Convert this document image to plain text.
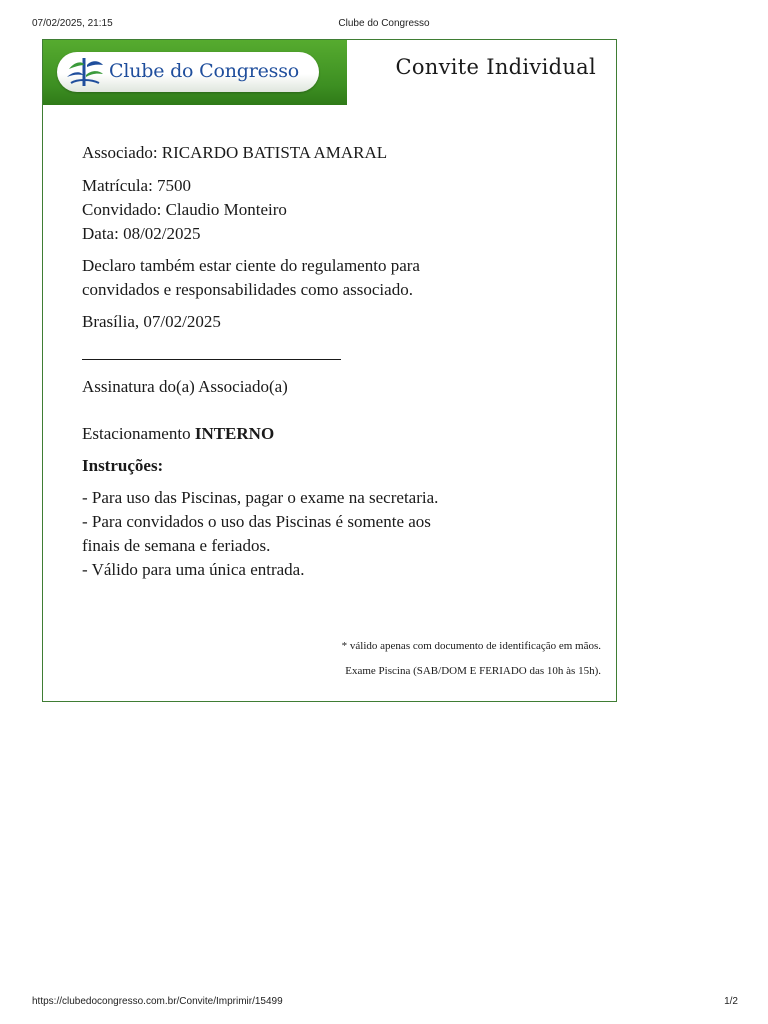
07/02/2025, 21:15	Clube do Congresso
Clube do Congresso	Convite Individual
Associado: RICARDO BATISTA AMARAL
Matrícula: 7500
Convidado: Claudio Monteiro
Data: 08/02/2025
Declaro também estar ciente do regulamento para
convidados e responsabilidades como associado.
Brasília, 07/02/2025
Assinatura do(a) Associado(a)
Estacionamento INTERNO
Instruções:
- Para uso das Piscinas, pagar o exame na secretaria.
- Para convidados o uso das Piscinas é somente aos
finais de semana e feriados.
- Válido para uma única entrada.
* válido apenas com documento de identificação em mãos.
Exame Piscina (SAB/DOM E FERIADO das 10h às 15h).
https://clubedocongresso.com.br/Convite/Imprimir/15499	1/2
